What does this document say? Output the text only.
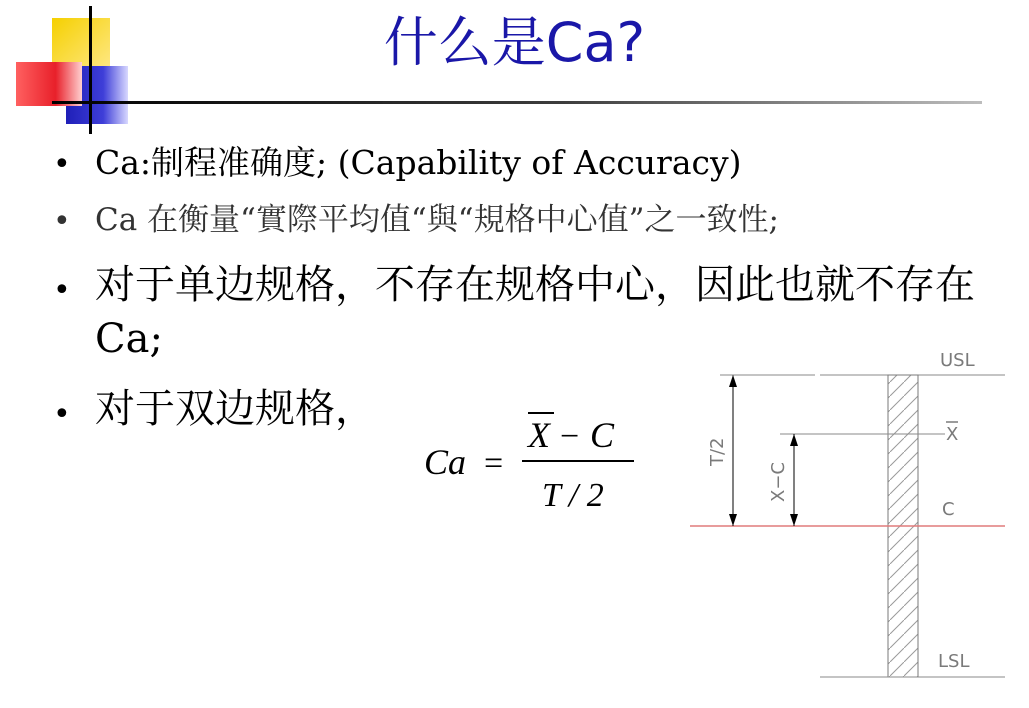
什么是Ca?
• Ca:制程准确度; (Capability of Accuracy)
• Ca 在衡量“實際平均值“與“規格中心值”之一致性;
• 对于单边规格，不存在规格中心，因此也就不存在Ca;
• 对于双边规格，
Ca =
X − C
T / 2
USL
X
C
LSL
T/2
X−C
